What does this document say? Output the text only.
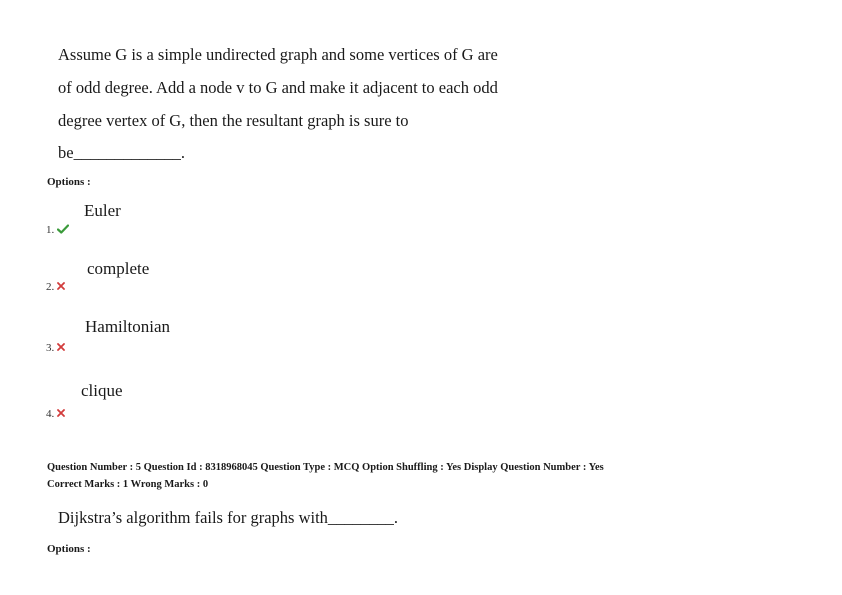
Assume G is a simple undirected graph and some vertices of G are
of odd degree. Add a node v to G and make it adjacent to each odd
degree vertex of G, then the resultant graph is sure to
be_____________.
Options :
Euler
1.
complete
2.
Hamiltonian
3.
clique
4.
Question Number : 5 Question Id : 8318968045 Question Type : MCQ Option Shuffling : Yes Display Question Number : Yes
Correct Marks : 1 Wrong Marks : 0
Dijkstra’s algorithm fails for graphs with________.
Options :
